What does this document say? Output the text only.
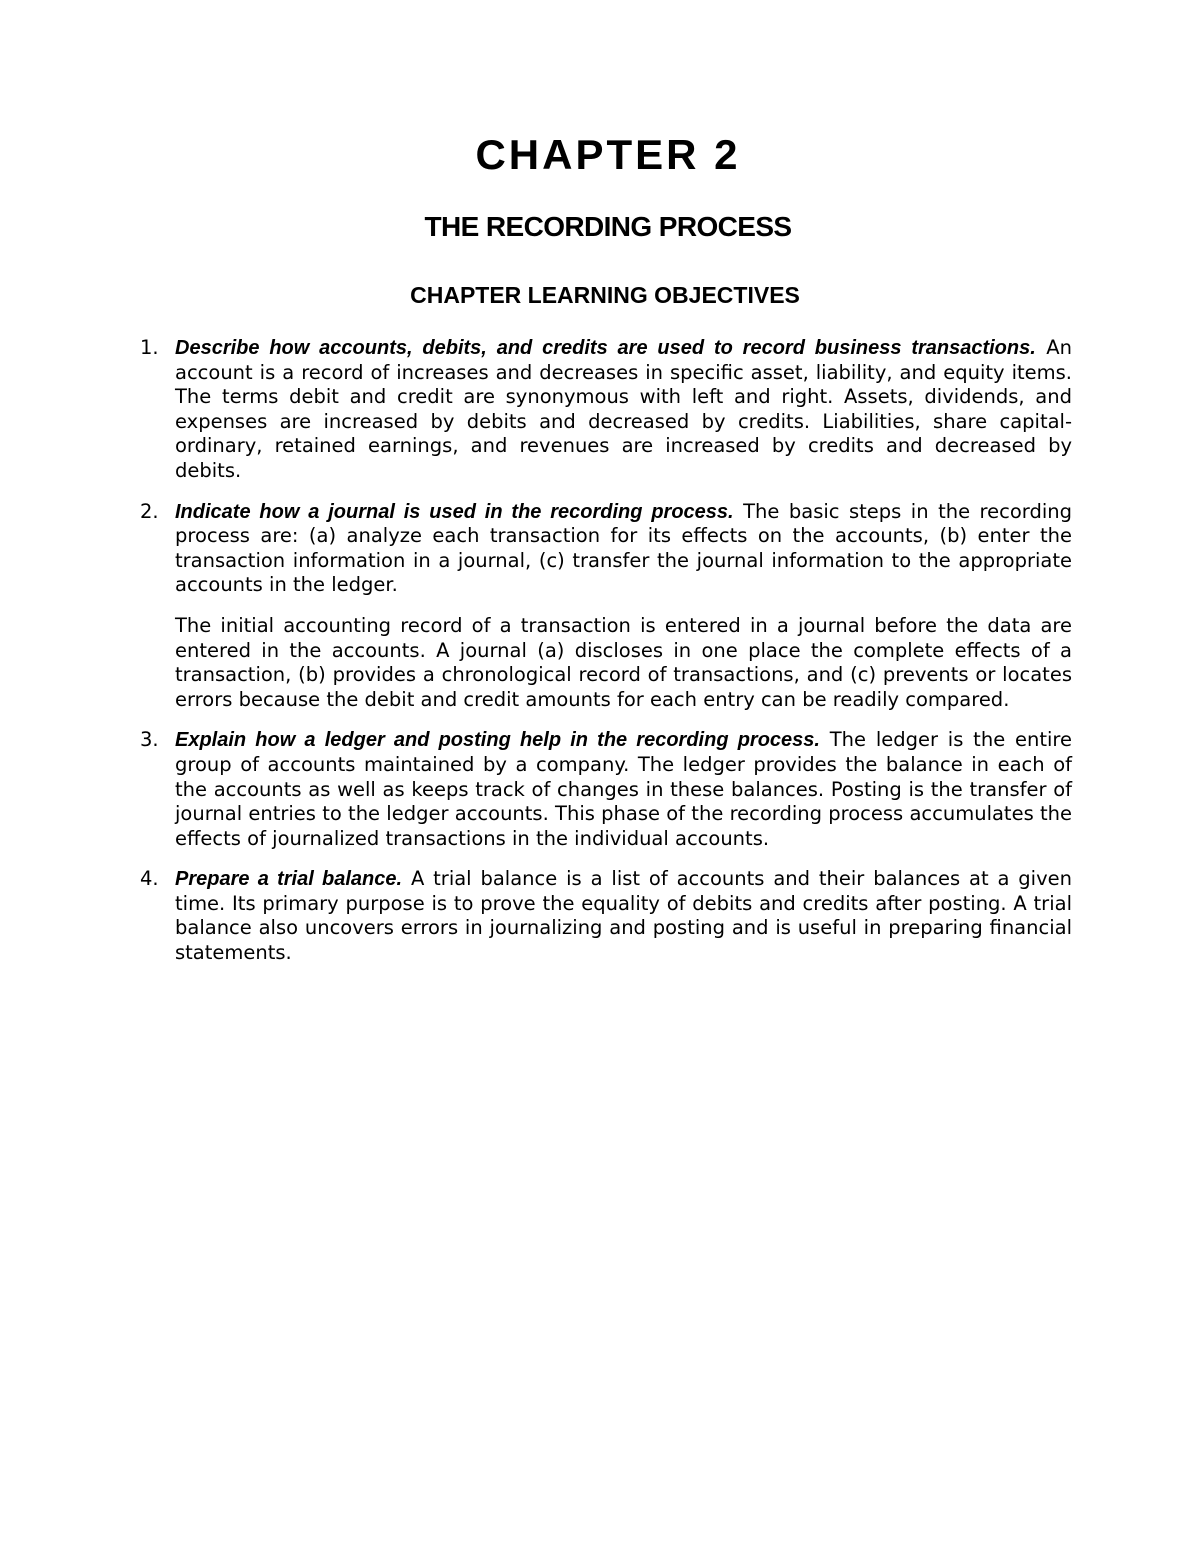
CHAPTER 2
THE RECORDING PROCESS
CHAPTER LEARNING OBJECTIVES
1. Describe how accounts, debits, and credits are used to record business transactions. An account is a record of increases and decreases in specific asset, liability, and equity items. The terms debit and credit are synonymous with left and right. Assets, dividends, and expenses are increased by debits and decreased by credits. Liabilities, share capital-ordinary, retained earnings, and revenues are increased by credits and decreased by debits.

2. Indicate how a journal is used in the recording process. The basic steps in the recording process are: (a) analyze each transaction for its effects on the accounts, (b) enter the transaction information in a journal, (c) transfer the journal information to the appropriate accounts in the ledger.

The initial accounting record of a transaction is entered in a journal before the data are entered in the accounts. A journal (a) discloses in one place the complete effects of a transaction, (b) provides a chronological record of transactions, and (c) prevents or locates errors because the debit and credit amounts for each entry can be readily compared.

3. Explain how a ledger and posting help in the recording process. The ledger is the entire group of accounts maintained by a company. The ledger provides the balance in each of the accounts as well as keeps track of changes in these balances. Posting is the transfer of journal entries to the ledger accounts. This phase of the recording process accumulates the effects of journalized transactions in the individual accounts.

4. Prepare a trial balance. A trial balance is a list of accounts and their balances at a given time. Its primary purpose is to prove the equality of debits and credits after posting. A trial balance also uncovers errors in journalizing and posting and is useful in preparing financial statements.
